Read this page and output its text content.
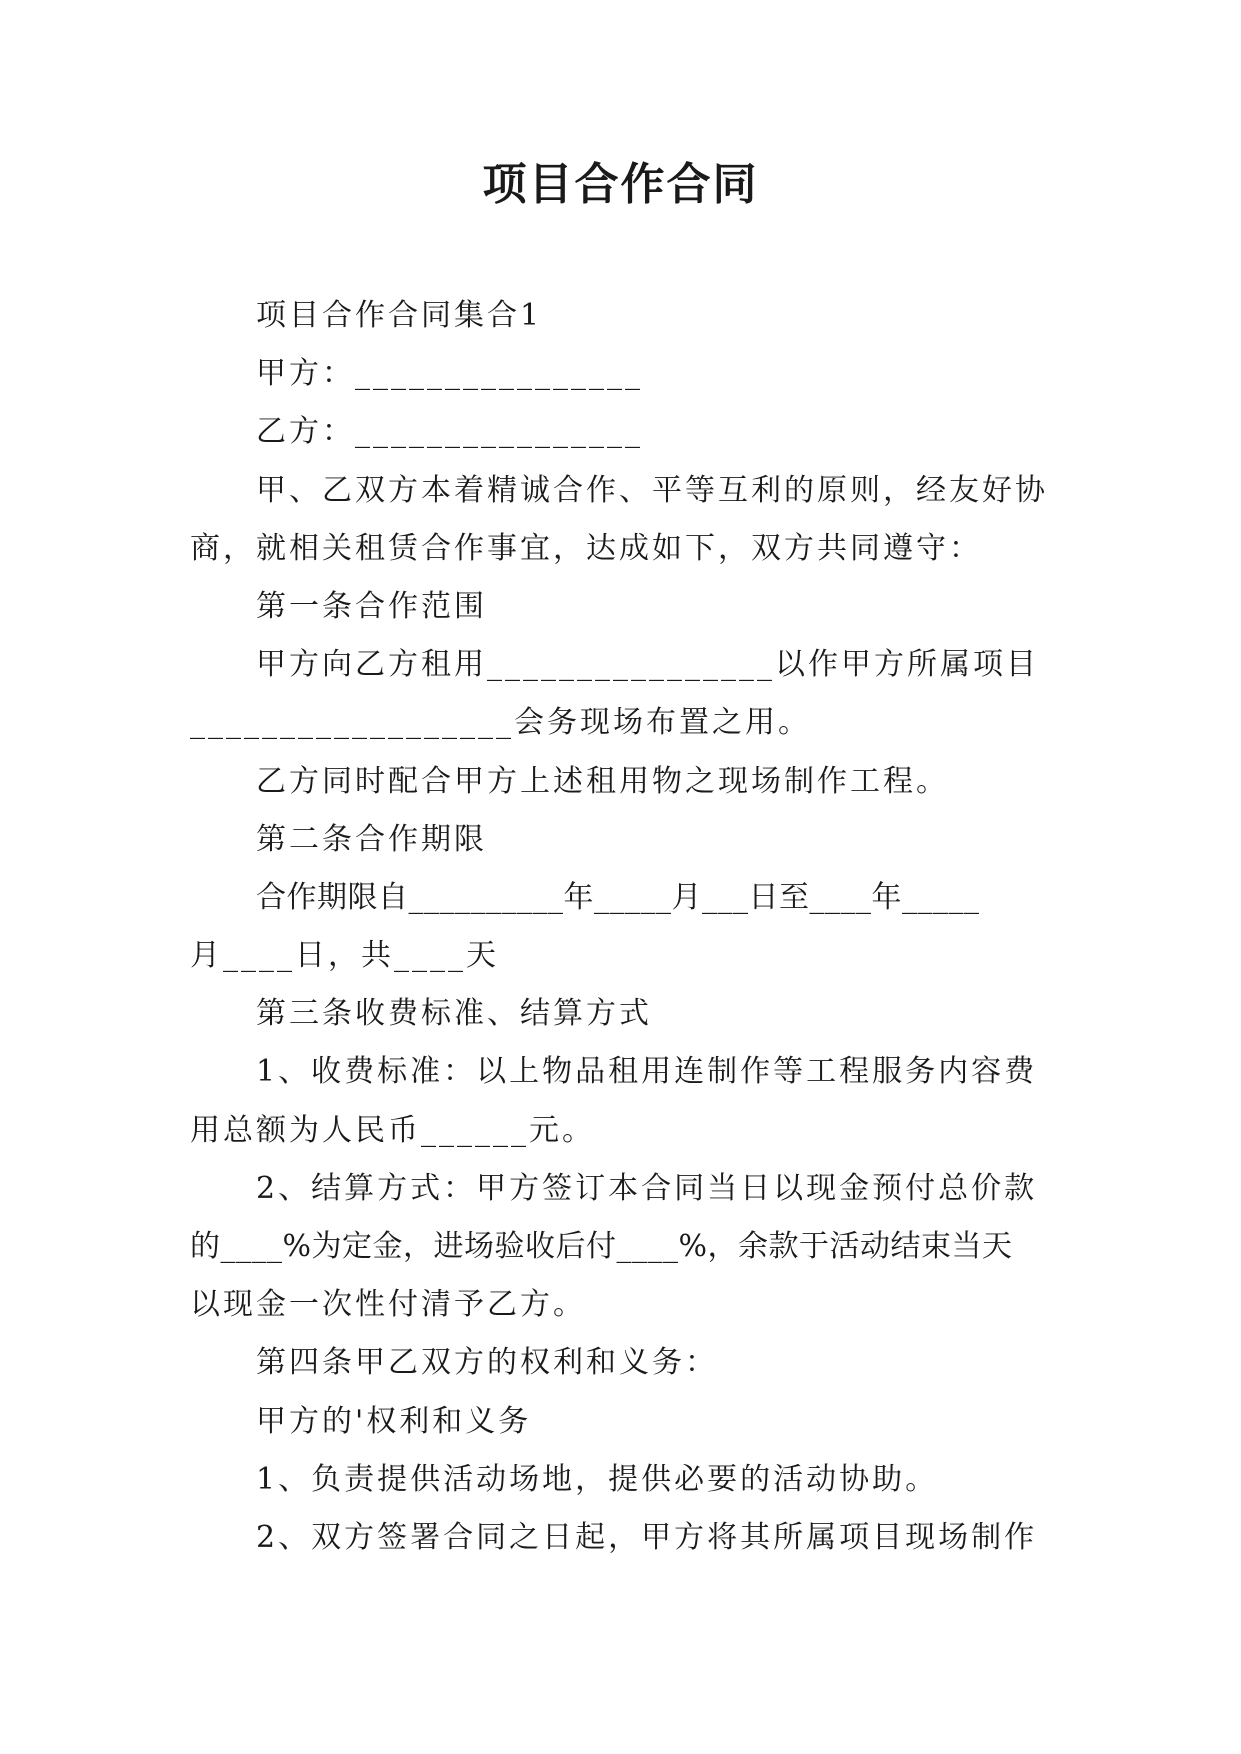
项目合作合同
项目合作合同集合1
甲方：________________
乙方：________________
甲、乙双方本着精诚合作、平等互利的原则，经友好协
商，就相关租赁合作事宜，达成如下，双方共同遵守：
第一条合作范围
甲方向乙方租用________________以作甲方所属项目
__________________会务现场布置之用。
乙方同时配合甲方上述租用物之现场制作工程。
第二条合作期限
合作期限自__________年_____月___日至____年_____
月____日，共____天
第三条收费标准、结算方式
1、收费标准：以上物品租用连制作等工程服务内容费
用总额为人民币______元。
2、结算方式：甲方签订本合同当日以现金预付总价款
的____%为定金，进场验收后付____%，余款于活动结束当天
以现金一次性付清予乙方。
第四条甲乙双方的权利和义务：
甲方的'权利和义务
1、负责提供活动场地，提供必要的活动协助。
2、双方签署合同之日起，甲方将其所属项目现场制作
